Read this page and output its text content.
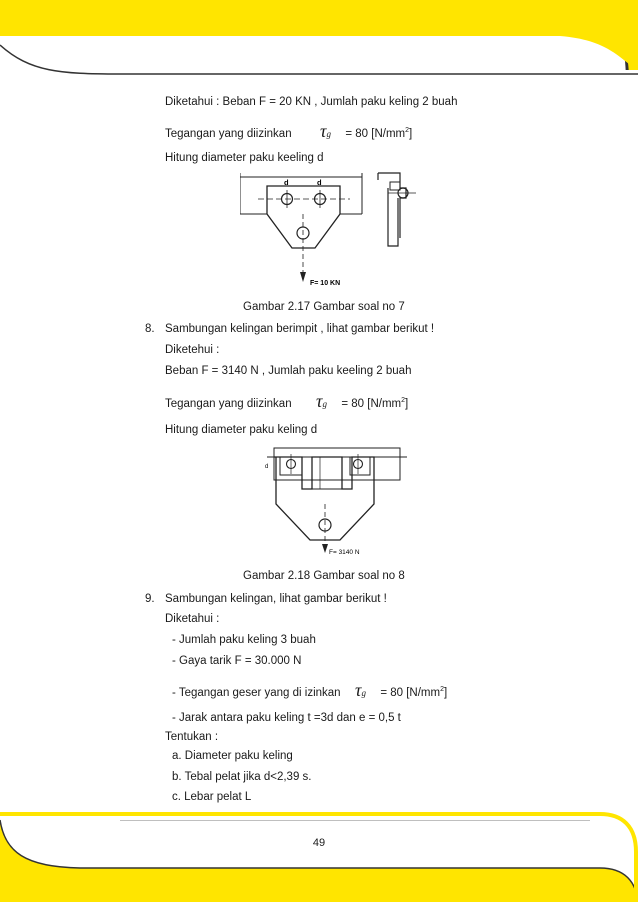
Diketahui : Beban F = 20 KN , Jumlah paku keling 2 buah
Tegangan yang diizinkan τg = 80 $[N/mm^2]$
Hitung diameter paku keeling d
d	d
F= 10 KN
Gambar 2.17 Gambar soal no 7
8. Sambungan kelingan berimpit , lihat gambar berikut !
Diketehui :
Beban F = 3140 N , Jumlah paku keeling 2 buah
Tegangan yang diizinkan τg = 80 $[N/mm^2]$
Hitung diameter paku keling d
d
F= 3140 N
Gambar 2.18 Gambar soal no 8
9. Sambungan kelingan, lihat gambar berikut !
Diketahui :
- Jumlah paku keling 3 buah
- Gaya tarik F = 30.000 N
- Tegangan geser yang di izinkan τg = 80 $[N/mm^2]$
- Jarak antara paku keling t =3d dan e = 0,5 t
Tentukan :
a. Diameter paku keling
b. Tebal pelat jika d<2,39 s.
c. Lebar pelat L
49
